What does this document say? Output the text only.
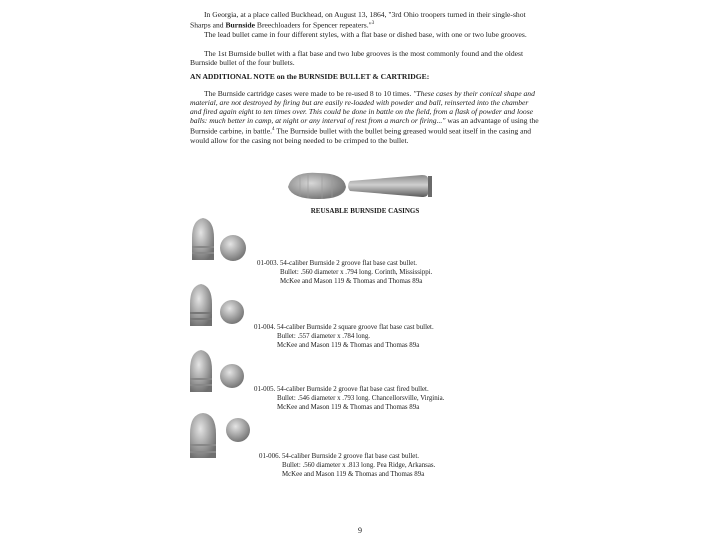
In Georgia, at a place called Buckhead, on August 13, 1864, "3rd Ohio troopers turned in their single-shot Sharps and Burnside Breechloaders for Spencer repeaters."$^3$

The lead bullet came in four different styles, with a flat base or dished base, with one or two lube grooves.

The 1st Burnside bullet with a flat base and two lube grooves is the most commonly found and the oldest Burnside bullet of the four bullets.

AN ADDITIONAL NOTE on the BURNSIDE BULLET & CARTRIDGE:

The Burnside cartridge cases were made to be re-used 8 to 10 times. "These cases by their conical shape and material, are not destroyed by firing but are easily re-loaded with powder and ball, reinserted into the chamber and fired again eight to ten times over. This could be done in battle on the field, from a flask of powder and loose balls: much better in camp, at night or any interval of rest from a march or firing..." was an advantage of using the Burnside carbine, in battle.$^4$ The Burnside bullet with the bullet being greased would seat itself in the casing and would allow for the casing not being needed to be crimped to the bullet.

REUSABLE BURNSIDE CASINGS
01-003. 54-caliber Burnside 2 groove flat base cast bullet.
Bullet: .560 diameter x .794 long. Corinth, Mississippi.
McKee and Mason 119 & Thomas and Thomas 89a
01-004. 54-caliber Burnside 2 square groove flat base cast bullet.
Bullet: .557 diameter x .784 long.
McKee and Mason 119 & Thomas and Thomas 89a
01-005. 54-caliber Burnside 2 groove flat base cast fired bullet.
Bullet: .546 diameter x .793 long. Chancellorsville, Virginia.
McKee and Mason 119 & Thomas and Thomas 89a
01-006. 54-caliber Burnside 2 groove flat base cast bullet.
Bullet: .560 diameter x .813 long. Pea Ridge, Arkansas.
McKee and Mason 119 & Thomas and Thomas 89a
9
